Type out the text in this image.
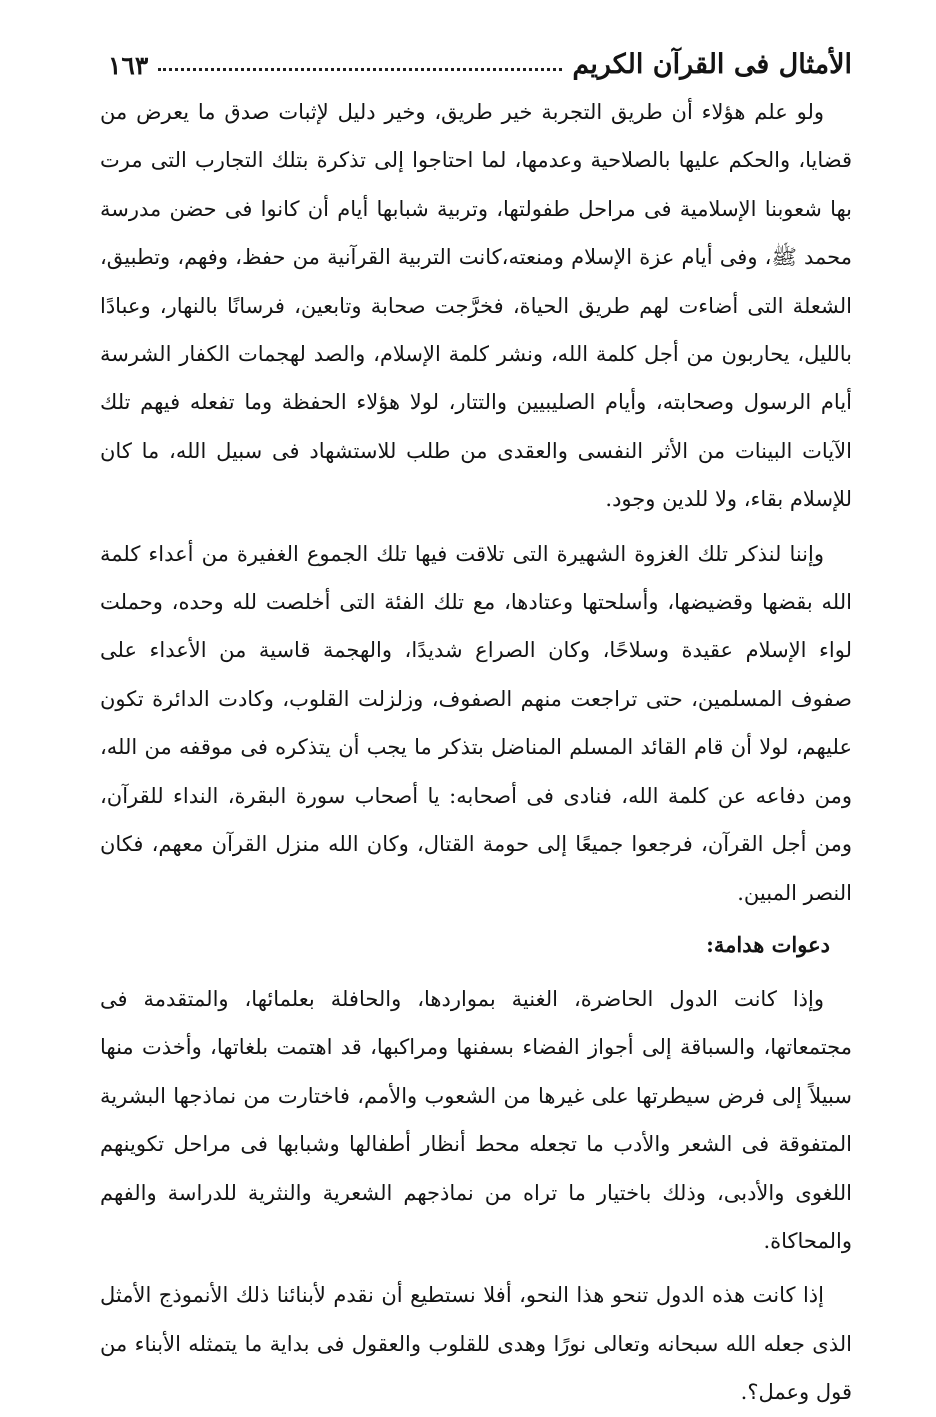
الأمثال فى القرآن الكريم
١٦٣

ولو علم هؤلاء أن طريق التجربة خير طريق، وخير دليل لإثبات صدق ما يعرض من قضايا، والحكم عليها بالصلاحية وعدمها، لما احتاجوا إلى تذكرة بتلك التجارب التى مرت بها شعوبنا الإسلامية فى مراحل طفولتها، وتربية شبابها أيام أن كانوا فى حضن مدرسة محمد ﷺ، وفى أيام عزة الإسلام ومنعته،كانت التربية القرآنية من حفظ، وفهم، وتطبيق، الشعلة التى أضاءت لهم طريق الحياة، فخرَّجت صحابة وتابعين، فرسانًا بالنهار، وعبادًا بالليل، يحاربون من أجل كلمة الله، ونشر كلمة الإسلام، والصد لهجمات الكفار الشرسة أيام الرسول وصحابته، وأيام الصليبيين والتتار، لولا هؤلاء الحفظة وما تفعله فيهم تلك الآيات البينات من الأثر النفسى والعقدى من طلب للاستشهاد فى سبيل الله، ما كان للإسلام بقاء، ولا للدين وجود.

وإننا لنذكر تلك الغزوة الشهيرة التى تلاقت فيها تلك الجموع الغفيرة من أعداء كلمة الله بقضها وقضيضها، وأسلحتها وعتادها، مع تلك الفئة التى أخلصت لله وحده، وحملت لواء الإسلام عقيدة وسلاحًا، وكان الصراع شديدًا، والهجمة قاسية من الأعداء على صفوف المسلمين، حتى تراجعت منهم الصفوف، وزلزلت القلوب، وكادت الدائرة تكون عليهم، لولا أن قام القائد المسلم المناضل بتذكر ما يجب أن يتذكره فى موقفه من الله، ومن دفاعه عن كلمة الله، فنادى فى أصحابه: يا أصحاب سورة البقرة، النداء للقرآن، ومن أجل القرآن، فرجعوا جميعًا إلى حومة القتال، وكان الله منزل القرآن معهم، فكان النصر المبين.

دعوات هدامة:

وإذا كانت الدول الحاضرة، الغنية بمواردها، والحافلة بعلمائها، والمتقدمة فى مجتمعاتها، والسباقة إلى أجواز الفضاء بسفنها ومراكبها، قد اهتمت بلغاتها، وأخذت منها سبيلاً إلى فرض سيطرتها على غيرها من الشعوب والأمم، فاختارت من نماذجها البشرية المتفوقة فى الشعر والأدب ما تجعله محط أنظار أطفالها وشبابها فى مراحل تكوينهم اللغوى والأدبى، وذلك باختيار ما تراه من نماذجهم الشعرية والنثرية للدراسة والفهم والمحاكاة.

إذا كانت هذه الدول تنحو هذا النحو، أفلا نستطيع أن نقدم لأبنائنا ذلك الأنموذج الأمثل الذى جعله الله سبحانه وتعالى نورًا وهدى للقلوب والعقول فى بداية ما يتمثله الأبناء من قول وعمل؟.
